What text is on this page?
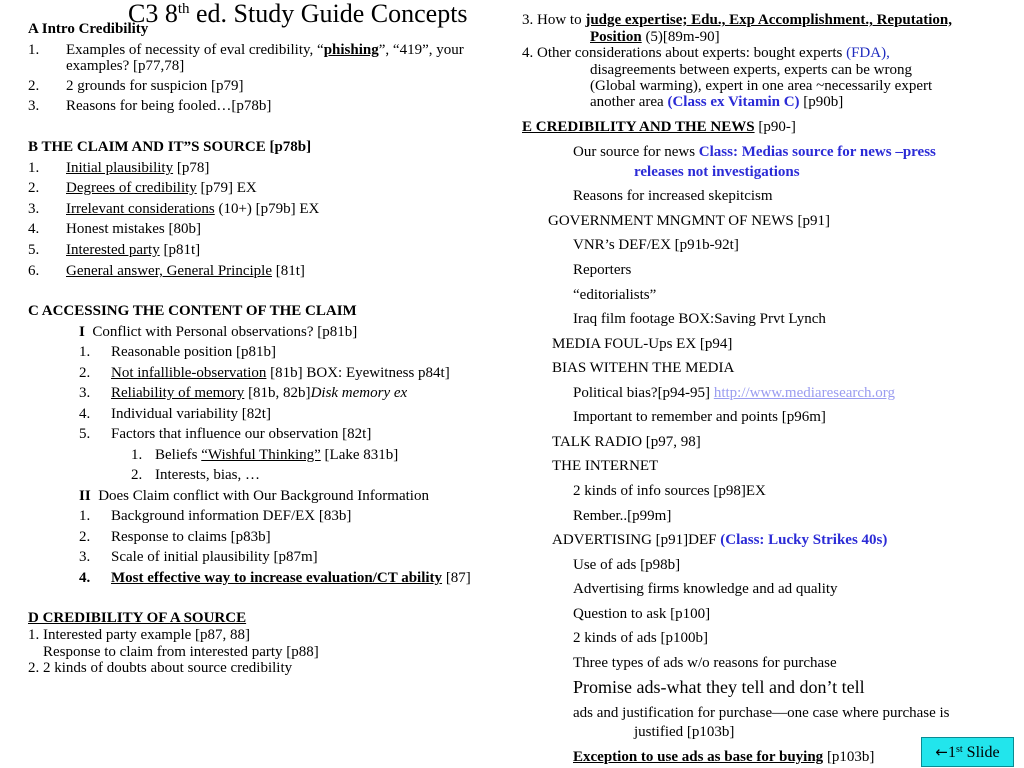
C3 8th ed. Study Guide Concepts
A Intro Credibility
1. Examples of necessity of eval credibility, “phishing”, “419”, your
examples? [p77,78]
2. 2 grounds for suspicion [p79]
3. Reasons for being fooled…[p78b]
B THE CLAIM AND IT”S SOURCE [p78b]
1. Initial plausibility [p78]
2. Degrees of credibility [p79] EX
3. Irrelevant considerations (10+) [p79b] EX
4. Honest mistakes [80b]
5. Interested party [p81t]
6. General answer, General Principle [81t]
C ACCESSING THE CONTENT OF THE CLAIM
I  Conflict with Personal observations? [p81b]
1. Reasonable position [p81b]
2. Not infallible-observation [81b] BOX: Eyewitness p84t]
3. Reliability of memory [81b, 82b]Disk memory ex
4. Individual variability [82t]
5. Factors that influence our observation [82t]
1. Beliefs “Wishful Thinking” [Lake 831b]
2. Interests, bias, …
II  Does Claim conflict with Our Background Information
1. Background information DEF/EX [83b]
2. Response to claims [p83b]
3. Scale of initial plausibility [p87m]
4. Most effective way to increase evaluation/CT ability [87]
D CREDIBILITY OF A SOURCE
1. Interested party example [p87, 88]
Response to claim from interested party [p88]
2. 2 kinds of doubts about source credibility
3. How to judge expertise; Edu., Exp Accomplishment., Reputation,
Position (5)[89m-90]
4. Other considerations about experts: bought experts (FDA),
disagreements between experts, experts can be wrong
(Global warming), expert in one area ~necessarily expert
another area (Class ex Vitamin C) [p90b]
E CREDIBILITY AND THE NEWS [p90-]
Our source for news Class: Medias source for news –press
releases not investigations
Reasons for increased skepitcism
GOVERNMENT MNGMNT OF NEWS [p91]
VNR’s DEF/EX [p91b-92t]
Reporters
“editorialists”
Iraq film footage BOX:Saving Prvt Lynch
MEDIA FOUL-Ups EX [p94]
BIAS WITEHN THE MEDIA
Political bias?[p94-95] http://www.mediaresearch.org
Important to remember and points [p96m]
TALK RADIO [p97, 98]
THE INTERNET
2 kinds of info sources [p98]EX
Rember..[p99m]
ADVERTISING [p91]DEF (Class: Lucky Strikes 40s)
Use of ads [p98b]
Advertising firms knowledge and ad quality
Question to ask [p100]
2 kinds of ads [p100b]
Three types of ads w/o reasons for purchase
Promise ads-what they tell and don’t tell
ads and justification for purchase—one case where purchase is
justified [p103b]
Exception to use ads as base for buying [p103b]	←1st Slide
